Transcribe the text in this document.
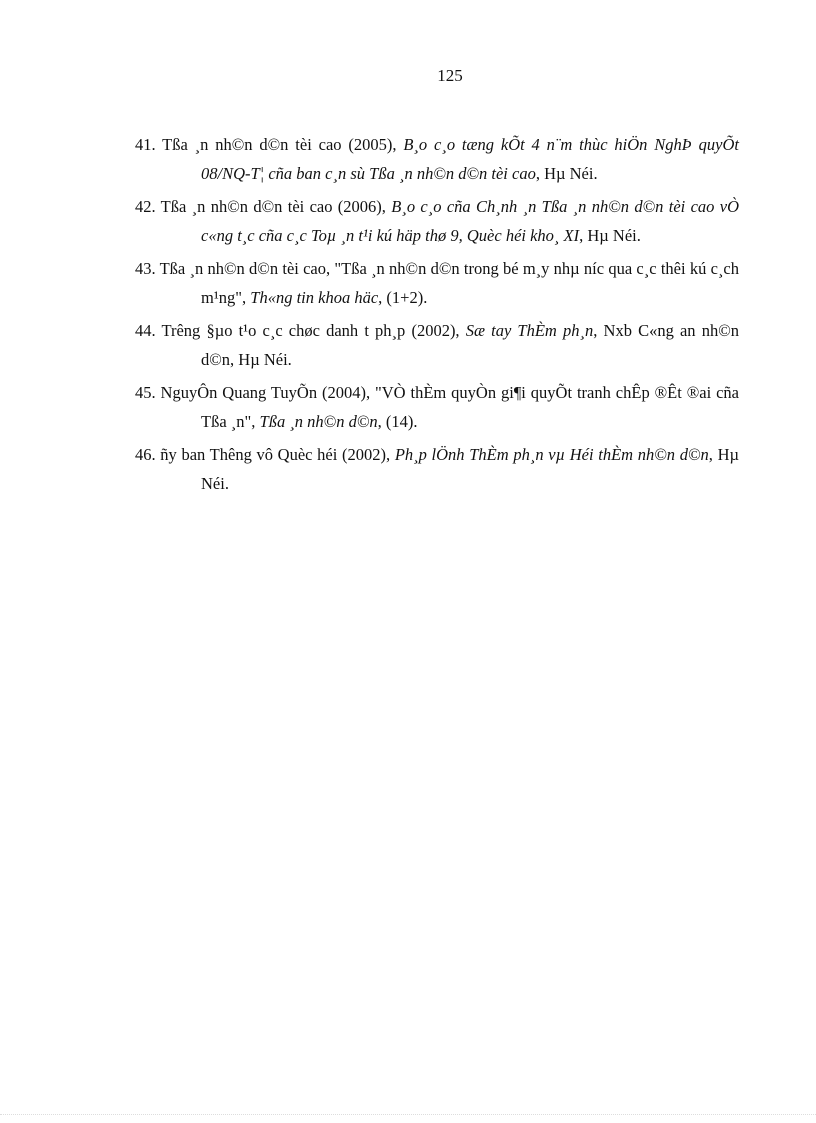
125
41. Tßa ¸n nh©n d©n tèi cao (2005), B¸o c¸o tæng kÕt 4 n¨m thùc hiÖn NghÞ quyÕt 08/NQ-T¦ cña ban c¸n sù Tßa ¸n nh©n d©n tèi cao, Hµ Néi.
42. Tßa ¸n nh©n d©n tèi cao (2006), B¸o c¸o cña Ch¸nh ¸n Tßa ¸n nh©n d©n tèi cao vÒ c«ng t¸c cña c¸c Toµ ¸n t¹i kú häp thø 9, Quèc héi kho¸ XI, Hµ Néi.
43. Tßa ¸n nh©n d©n tèi cao, "Tßa ¸n nh©n d©n trong bé m¸y nhµ níc qua c¸c thêi kú c¸ch m¹ng", Th«ng tin khoa häc, (1+2).
44. Trêng §µo t¹o c¸c chøc danh t ph¸p (2002), Sæ tay ThÈm ph¸n, Nxb C«ng an nh©n d©n, Hµ Néi.
45. NguyÔn Quang TuyÕn (2004), "VÒ thÈm quyÒn gi¶i quyÕt tranh chÊp ®Êt ®ai cña Tßa ¸n", Tßa ¸n nh©n d©n, (14).
46. ñy ban Thêng vô Quèc héi (2002), Ph¸p lÖnh ThÈm ph¸n vµ Héi thÈm nh©n d©n, Hµ Néi.
